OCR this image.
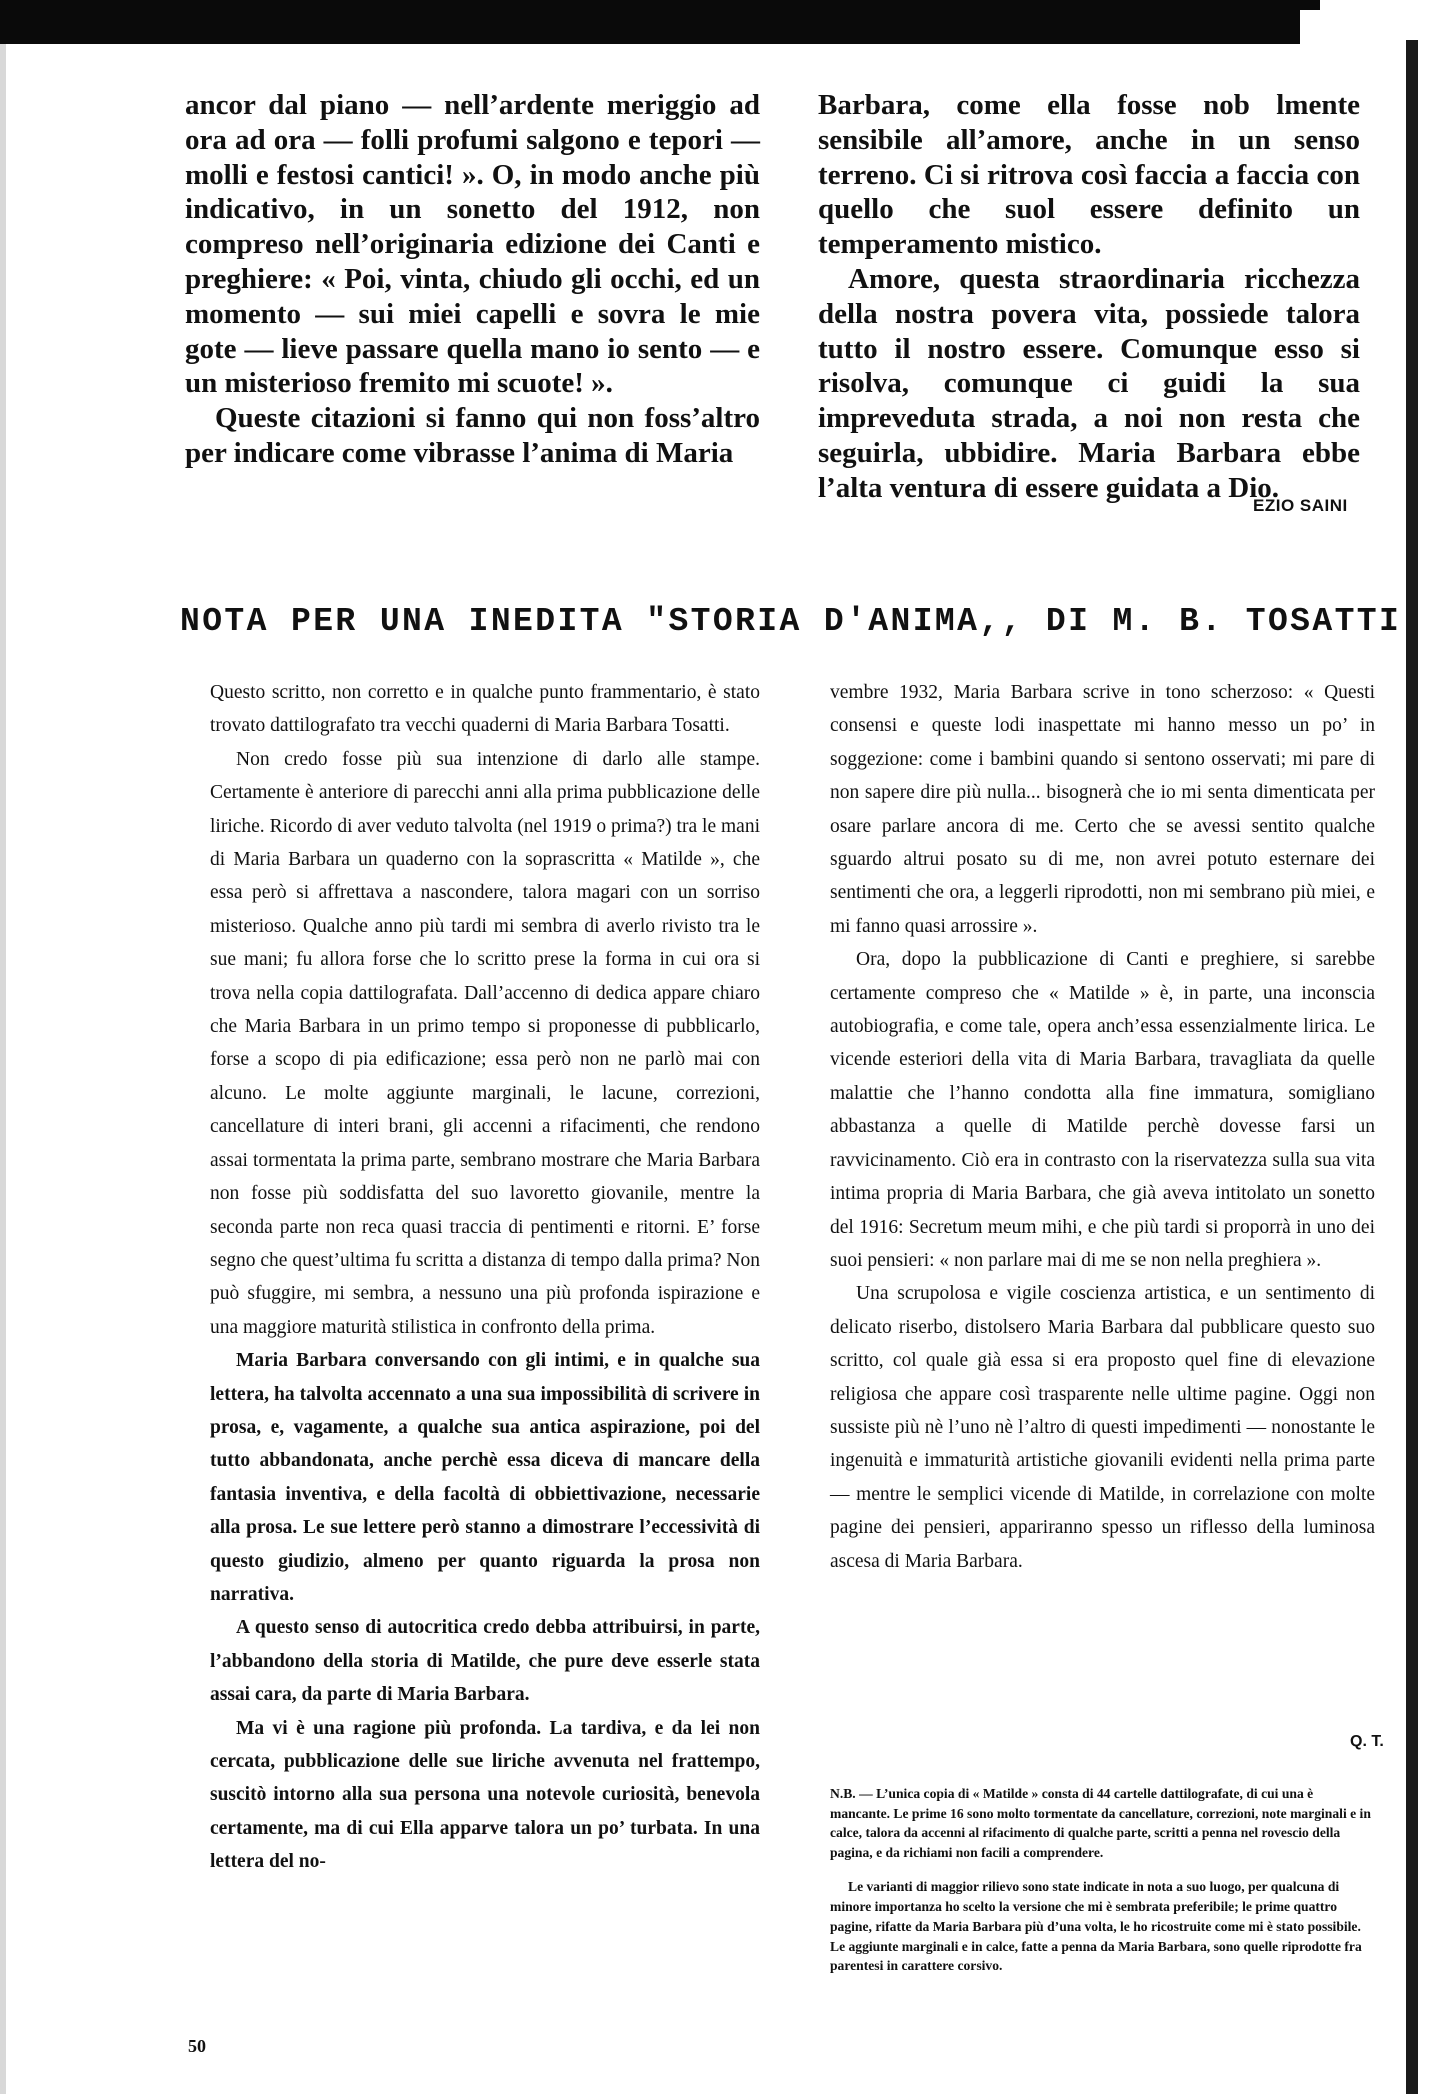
ancor dal piano — nell’ardente meriggio ad ora ad ora — folli profumi salgono e tepori — molli e festosi cantici! ». O, in modo anche più indicativo, in un sonetto del 1912, non compreso nell’originaria edizione dei Canti e preghiere: « Poi, vinta, chiudo gli occhi, ed un momento — sui miei capelli e sovra le mie gote — lieve passare quella mano io sento — e un misterioso fremito mi scuote! ».

Queste citazioni si fanno qui non foss’altro per indicare come vibrasse l’anima di Maria

Barbara, come ella fosse nob lmente sensibile all’amore, anche in un senso terreno. Ci si ritrova così faccia a faccia con quello che suol essere definito un temperamento mistico.

Amore, questa straordinaria ricchezza della nostra povera vita, possiede talora tutto il nostro essere. Comunque esso si risolva, comunque ci guidi la sua impreveduta strada, a noi non resta che seguirla, ubbidire. Maria Barbara ebbe l’alta ventura di essere guidata a Dio.

EZIO SAINI
NOTA PER UNA INEDITA "STORIA D'ANIMA,, DI M. B. TOSATTI

Questo scritto, non corretto e in qualche punto frammentario, è stato trovato dattilografato tra vecchi quaderni di Maria Barbara Tosatti.

Non credo fosse più sua intenzione di darlo alle stampe. Certamente è anteriore di parecchi anni alla prima pubblicazione delle liriche. Ricordo di aver veduto talvolta (nel 1919 o prima?) tra le mani di Maria Barbara un quaderno con la soprascritta « Matilde », che essa però si affrettava a nascondere, talora magari con un sorriso misterioso. Qualche anno più tardi mi sembra di averlo rivisto tra le sue mani; fu allora forse che lo scritto prese la forma in cui ora si trova nella copia dattilografata. Dall’accenno di dedica appare chiaro che Maria Barbara in un primo tempo si proponesse di pubblicarlo, forse a scopo di pia edificazione; essa però non ne parlò mai con alcuno. Le molte aggiunte marginali, le lacune, correzioni, cancellature di interi brani, gli accenni a rifacimenti, che rendono assai tormentata la prima parte, sembrano mostrare che Maria Barbara non fosse più soddisfatta del suo lavoretto giovanile, mentre la seconda parte non reca quasi traccia di pentimenti e ritorni. E’ forse segno che quest’ultima fu scritta a distanza di tempo dalla prima? Non può sfuggire, mi sembra, a nessuno una più profonda ispirazione e una maggiore maturità stilistica in confronto della prima.

Maria Barbara conversando con gli intimi, e in qualche sua lettera, ha talvolta accennato a una sua impossibilità di scrivere in prosa, e, vagamente, a qualche sua antica aspirazione, poi del tutto abbandonata, anche perchè essa diceva di mancare della fantasia inventiva, e della facoltà di obbiettivazione, necessarie alla prosa. Le sue lettere però stanno a dimostrare l’eccessività di questo giudizio, almeno per quanto riguarda la prosa non narrativa.

A questo senso di autocritica credo debba attribuirsi, in parte, l’abbandono della storia di Matilde, che pure deve esserle stata assai cara, da parte di Maria Barbara.

Ma vi è una ragione più profonda. La tardiva, e da lei non cercata, pubblicazione delle sue liriche avvenuta nel frattempo, suscitò intorno alla sua persona una notevole curiosità, benevola certamente, ma di cui Ella apparve talora un po’ turbata. In una lettera del no-

vembre 1932, Maria Barbara scrive in tono scherzoso: « Questi consensi e queste lodi inaspettate mi hanno messo un po’ in soggezione: come i bambini quando si sentono osservati; mi pare di non sapere dire più nulla... bisognerà che io mi senta dimenticata per osare parlare ancora di me. Certo che se avessi sentito qualche sguardo altrui posato su di me, non avrei potuto esternare dei sentimenti che ora, a leggerli riprodotti, non mi sembrano più miei, e mi fanno quasi arrossire ».

Ora, dopo la pubblicazione di Canti e preghiere, si sarebbe certamente compreso che « Matilde » è, in parte, una inconscia autobiografia, e come tale, opera anch’essa essenzialmente lirica. Le vicende esteriori della vita di Maria Barbara, travagliata da quelle malattie che l’hanno condotta alla fine immatura, somigliano abbastanza a quelle di Matilde perchè dovesse farsi un ravvicinamento. Ciò era in contrasto con la riservatezza sulla sua vita intima propria di Maria Barbara, che già aveva intitolato un sonetto del 1916: Secretum meum mihi, e che più tardi si proporrà in uno dei suoi pensieri: « non parlare mai di me se non nella preghiera ».

Una scrupolosa e vigile coscienza artistica, e un sentimento di delicato riserbo, distolsero Maria Barbara dal pubblicare questo suo scritto, col quale già essa si era proposto quel fine di elevazione religiosa che appare così trasparente nelle ultime pagine. Oggi non sussiste più nè l’uno nè l’altro di questi impedimenti — nonostante le ingenuità e immaturità artistiche giovanili evidenti nella prima parte — mentre le semplici vicende di Matilde, in correlazione con molte pagine dei pensieri, appariranno spesso un riflesso della luminosa ascesa di Maria Barbara.

Q. T.

N.B. — L’unica copia di « Matilde » consta di 44 cartelle dattilografate, di cui una è mancante. Le prime 16 sono molto tormentate da cancellature, correzioni, note marginali e in calce, talora da accenni al rifacimento di qualche parte, scritti a penna nel rovescio della pagina, e da richiami non facili a comprendere.

Le varianti di maggior rilievo sono state indicate in nota a suo luogo, per qualcuna di minore importanza ho scelto la versione che mi è sembrata preferibile; le prime quattro pagine, rifatte da Maria Barbara più d’una volta, le ho ricostruite come mi è stato possibile. Le aggiunte marginali e in calce, fatte a penna da Maria Barbara, sono quelle riprodotte fra parentesi in carattere corsivo.

50
